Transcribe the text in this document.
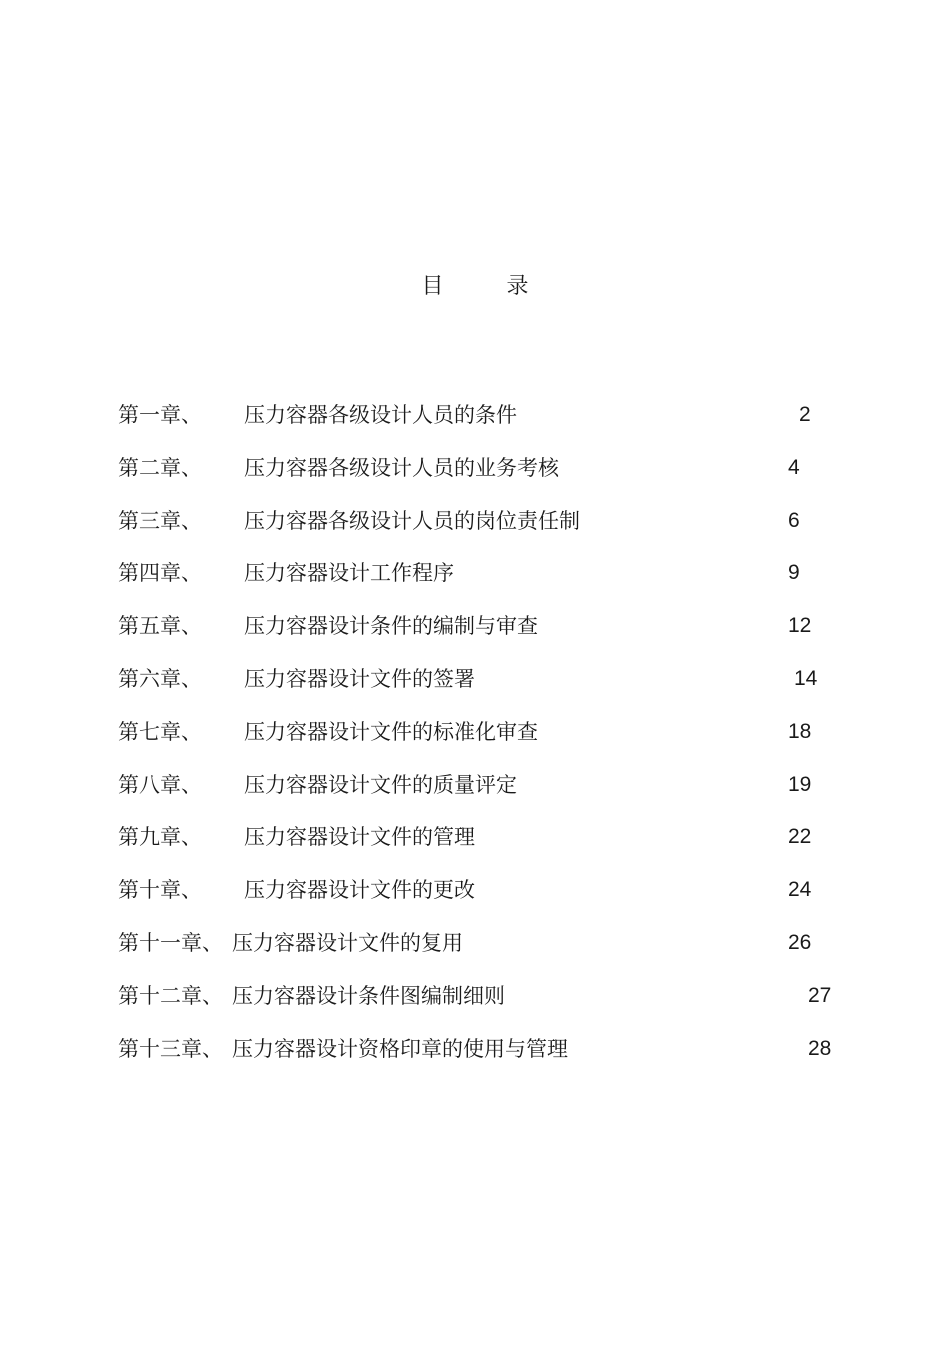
目 录
第一章、 压力容器各级设计人员的条件	2
第二章、 压力容器各级设计人员的业务考核	4
第三章、 压力容器各级设计人员的岗位责任制	6
第四章、 压力容器设计工作程序	9
第五章、 压力容器设计条件的编制与审查	12
第六章、 压力容器设计文件的签署	14
第七章、 压力容器设计文件的标准化审查	18
第八章、 压力容器设计文件的质量评定	19
第九章、 压力容器设计文件的管理	22
第十章、 压力容器设计文件的更改	24
第十一章、 压力容器设计文件的复用	26
第十二章、 压力容器设计条件图编制细则	27
第十三章、 压力容器设计资格印章的使用与管理	28
